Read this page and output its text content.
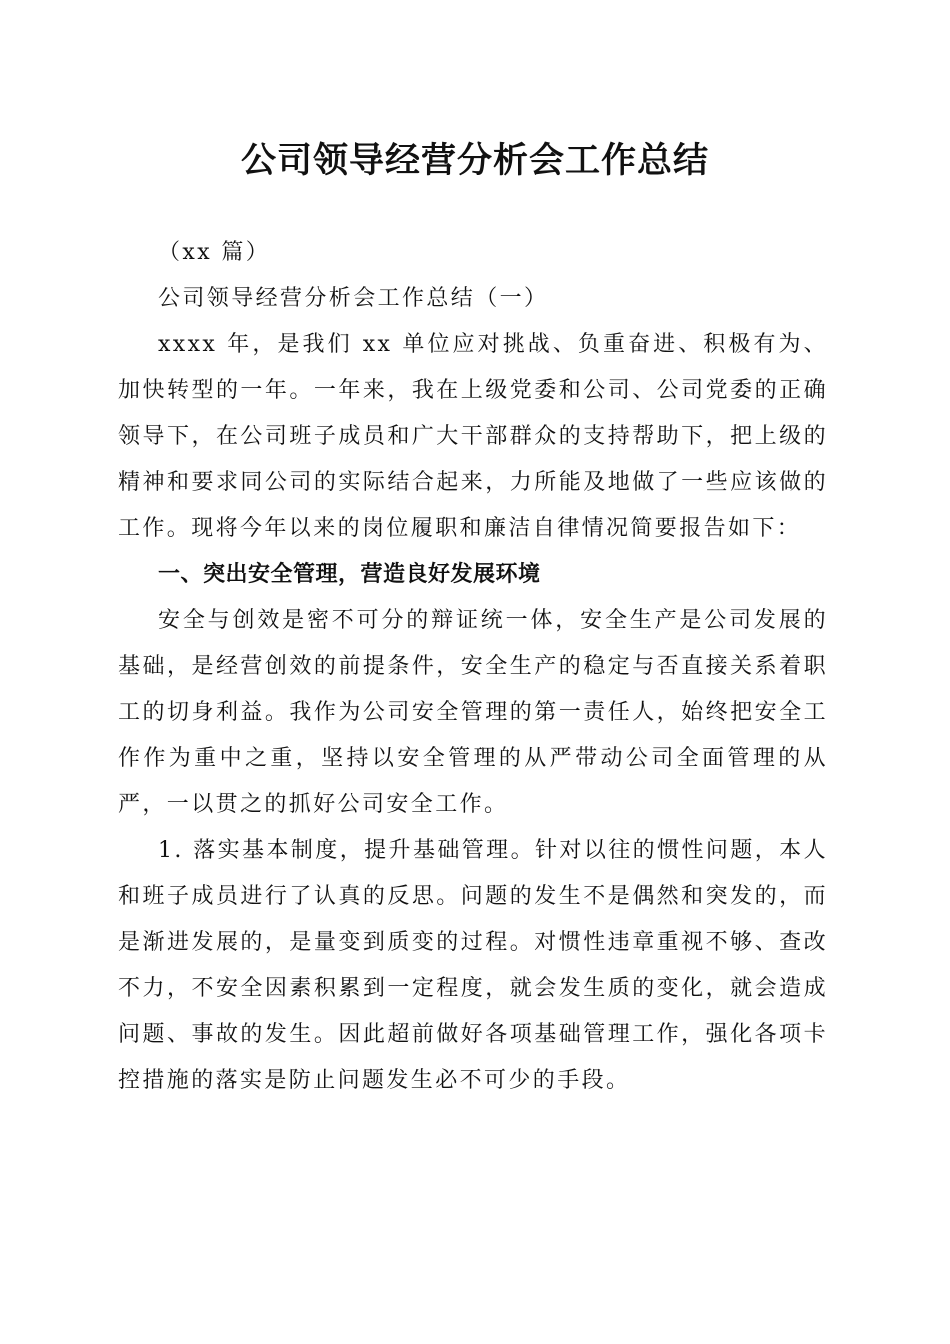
公司领导经营分析会工作总结

（xx 篇）

公司领导经营分析会工作总结（一）

xxxx 年，是我们 xx 单位应对挑战、负重奋进、积极有为、加快转型的一年。一年来，我在上级党委和公司、公司党委的正确领导下，在公司班子成员和广大干部群众的支持帮助下，把上级的精神和要求同公司的实际结合起来，力所能及地做了一些应该做的工作。现将今年以来的岗位履职和廉洁自律情况简要报告如下：

一、突出安全管理，营造良好发展环境

安全与创效是密不可分的辩证统一体，安全生产是公司发展的基础，是经营创效的前提条件，安全生产的稳定与否直接关系着职工的切身利益。我作为公司安全管理的第一责任人，始终把安全工作作为重中之重，坚持以安全管理的从严带动公司全面管理的从严，一以贯之的抓好公司安全工作。

1. 落实基本制度，提升基础管理。针对以往的惯性问题，本人和班子成员进行了认真的反思。问题的发生不是偶然和突发的，而是渐进发展的，是量变到质变的过程。对惯性违章重视不够、查改不力，不安全因素积累到一定程度，就会发生质的变化，就会造成问题、事故的发生。因此超前做好各项基础管理工作，强化各项卡控措施的落实是防止问题发生必不可少的手段。
